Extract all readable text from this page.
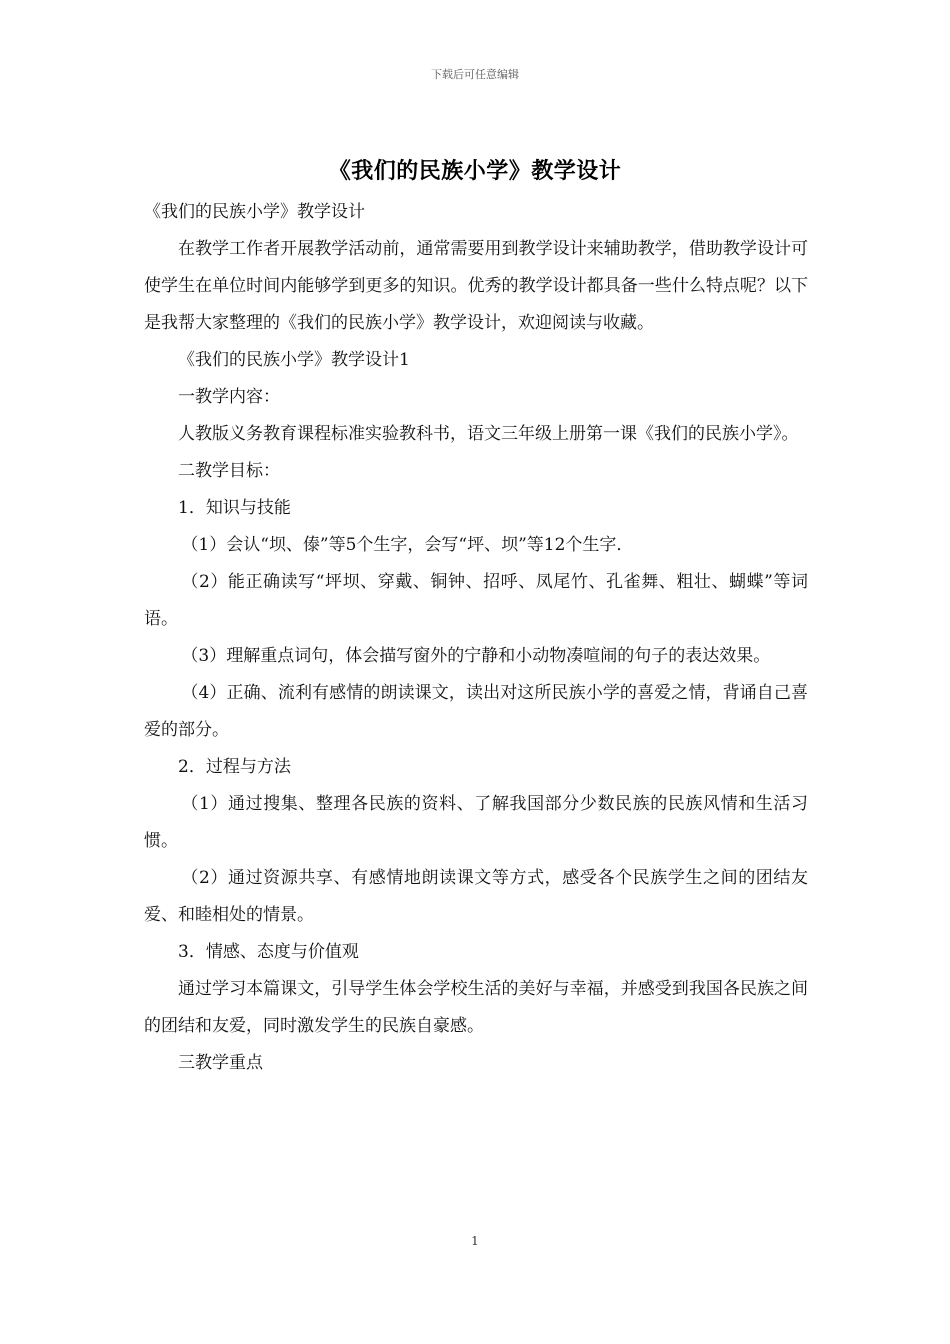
下载后可任意编辑
《我们的民族小学》教学设计

《我们的民族小学》教学设计

在教学工作者开展教学活动前，通常需要用到教学设计来辅助教学，借助教学设计可使学生在单位时间内能够学到更多的知识。优秀的教学设计都具备一些什么特点呢？以下是我帮大家整理的《我们的民族小学》教学设计，欢迎阅读与收藏。

《我们的民族小学》教学设计1

一教学内容：

人教版义务教育课程标准实验教科书，语文三年级上册第一课《我们的民族小学》。

二教学目标：

1．知识与技能

（1）会认“坝、傣”等5个生字，会写“坪、坝”等12个生字．

（2）能正确读写“坪坝、穿戴、铜钟、招呼、凤尾竹、孔雀舞、粗壮、蝴蝶”等词语。

（3）理解重点词句，体会描写窗外的宁静和小动物凑喧闹的句子的表达效果。

（4）正确、流利有感情的朗读课文，读出对这所民族小学的喜爱之情，背诵自己喜爱的部分。

2．过程与方法

（1）通过搜集、整理各民族的资料、了解我国部分少数民族的民族风情和生活习惯。

（2）通过资源共享、有感情地朗读课文等方式，感受各个民族学生之间的团结友爱、和睦相处的情景。

3．情感、态度与价值观

通过学习本篇课文，引导学生体会学校生活的美好与幸福，并感受到我国各民族之间的团结和友爱，同时激发学生的民族自豪感。

三教学重点

1
